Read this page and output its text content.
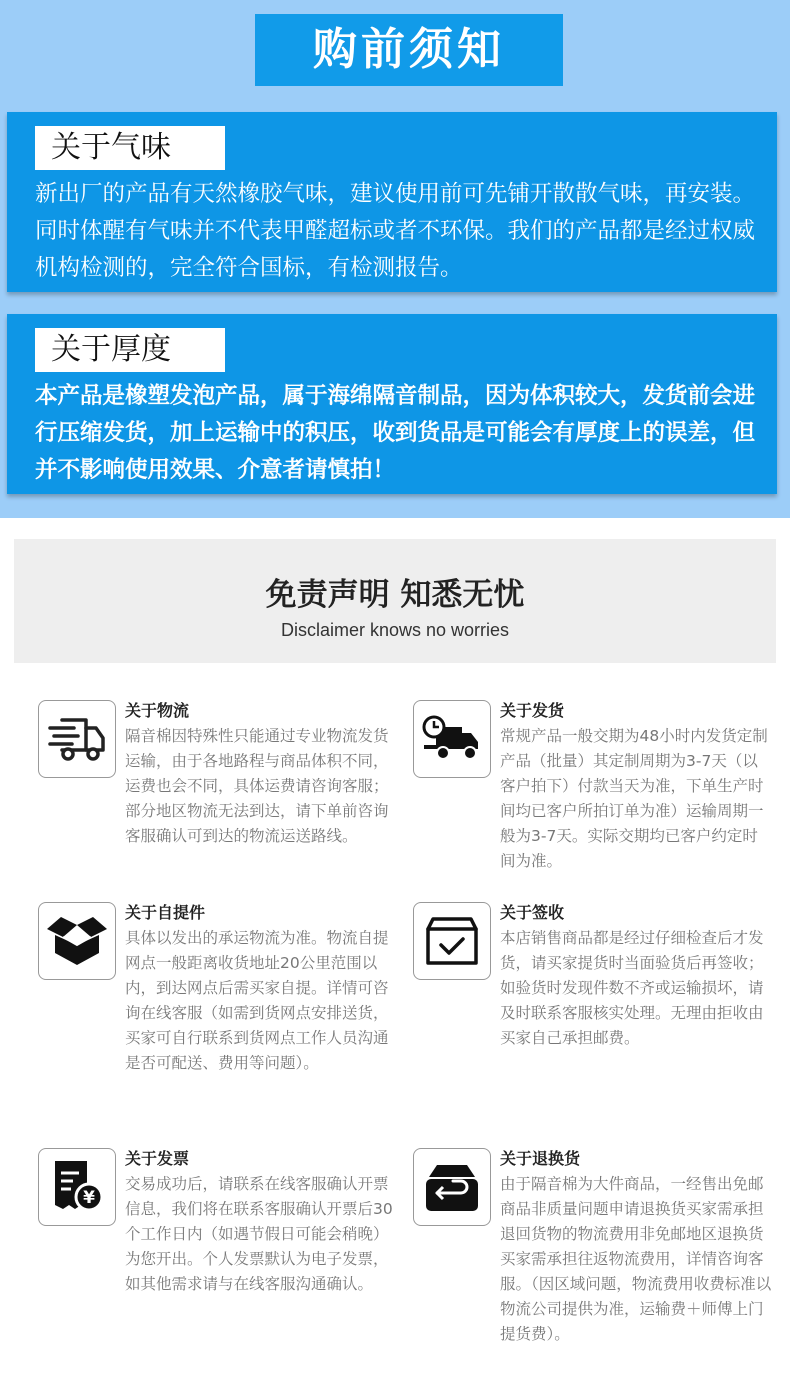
购前须知
关于气味
新出厂的产品有天然橡胶气味，建议使用前可先铺开散散气味，再安装。同时体醒有气味并不代表甲醛超标或者不环保。我们的产品都是经过权威机构检测的，完全符合国标，有检测报告。
关于厚度
本产品是橡塑发泡产品，属于海绵隔音制品，因为体积较大，发货前会进行压缩发货，加上运输中的积压，收到货品是可能会有厚度上的误差，但并不影响使用效果、介意者请慎拍！
免责声明 知悉无忧

Disclaimer knows no worries

关于物流
隔音棉因特殊性只能通过专业物流发货运输，由于各地路程与商品体积不同，运费也会不同，具体运费请咨询客服；部分地区物流无法到达，请下单前咨询客服确认可到达的物流运送路线。
关于发货
常规产品一般交期为48小时内发货定制产品（批量）其定制周期为3-7天（以客户拍下）付款当天为准，下单生产时间均已客户所拍订单为准）运输周期一般为3-7天。实际交期均已客户约定时间为准。
关于自提件
具体以发出的承运物流为准。物流自提网点一般距离收货地址20公里范围以内，到达网点后需买家自提。详情可咨询在线客服（如需到货网点安排送货，买家可自行联系到货网点工作人员沟通是否可配送、费用等问题）。
关于签收
本店销售商品都是经过仔细检查后才发货，请买家提货时当面验货后再签收；如验货时发现件数不齐或运输损坏，请及时联系客服核实处理。无理由拒收由买家自己承担邮费。
¥
关于发票
交易成功后，请联系在线客服确认开票信息，我们将在联系客服确认开票后30个工作日内（如遇节假日可能会稍晚）为您开出。个人发票默认为电子发票，如其他需求请与在线客服沟通确认。
关于退换货
由于隔音棉为大件商品，一经售出免邮商品非质量问题申请退换货买家需承担退回货物的物流费用非免邮地区退换货买家需承担往返物流费用，详情咨询客服。（因区域问题，物流费用收费标准以物流公司提供为准，运输费＋师傅上门提货费）。
